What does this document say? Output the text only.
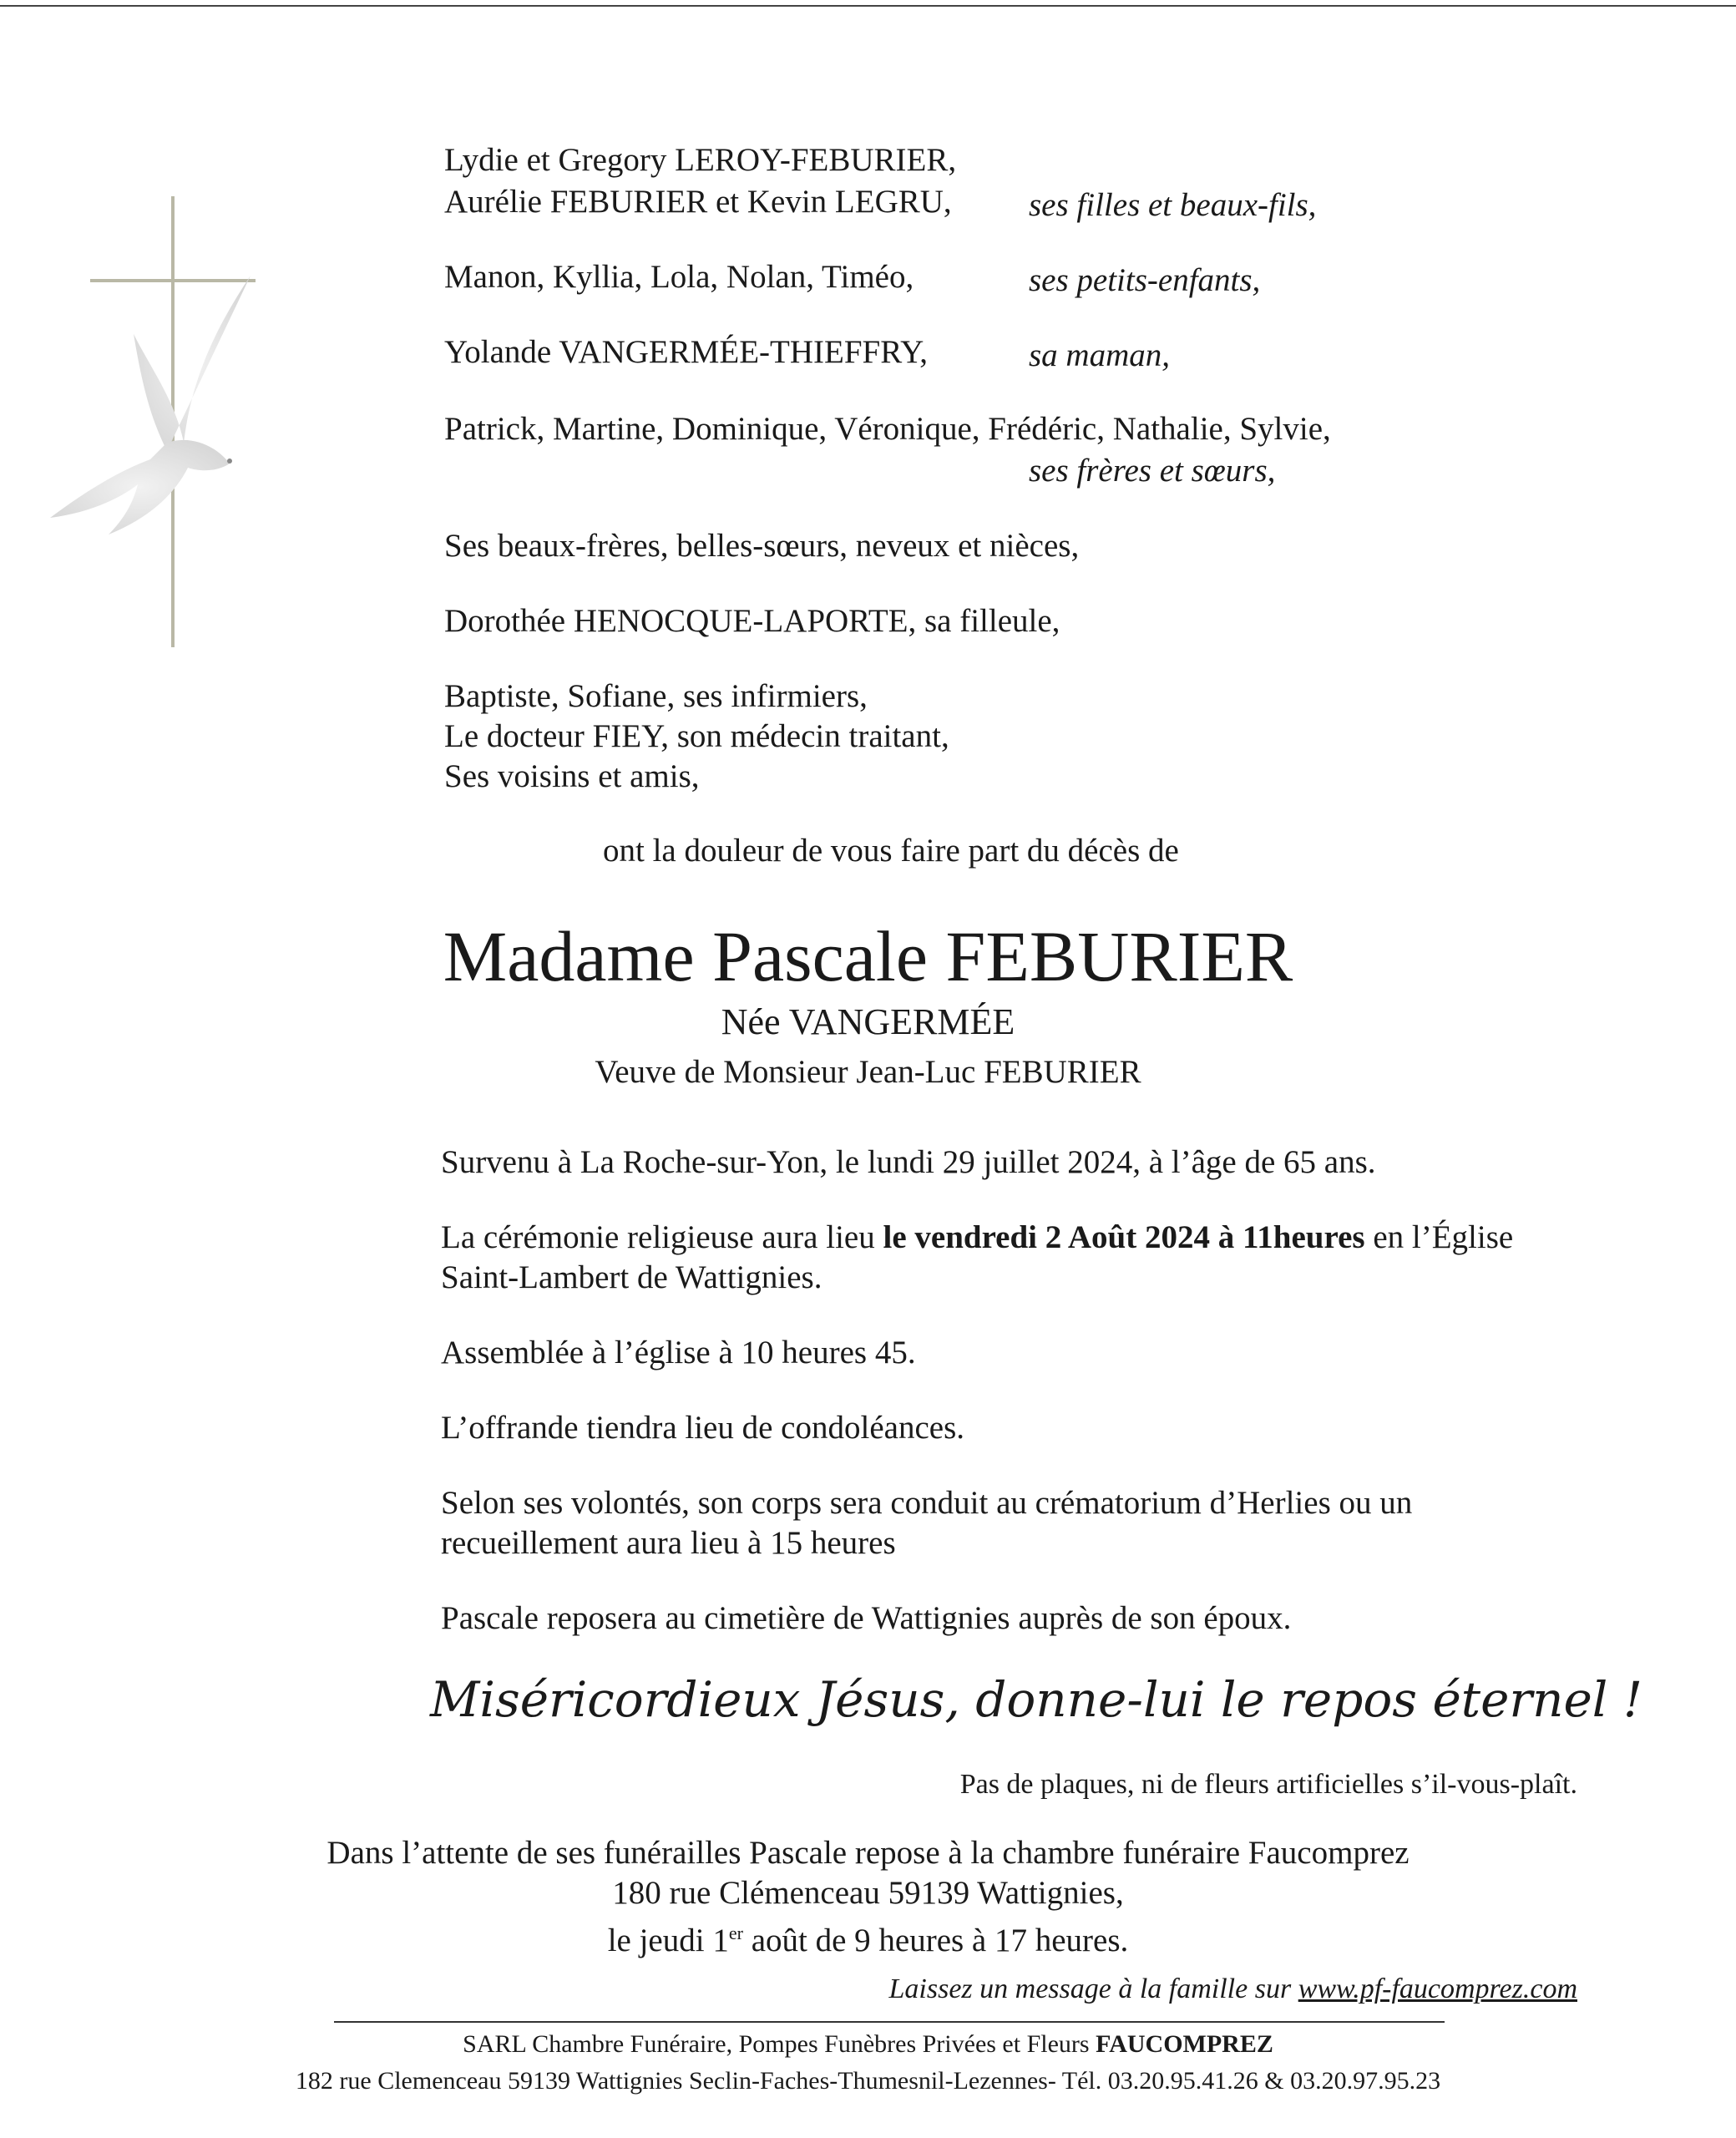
Lydie et Gregory LEROY-FEBURIER,
Aurélie FEBURIER et Kevin LEGRU, ses filles et beaux-fils,
Manon, Kyllia, Lola, Nolan, Timéo,	ses petits-enfants,
Yolande VANGERMÉE-THIEFFRY,	sa maman,
Patrick, Martine, Dominique, Véronique, Frédéric, Nathalie, Sylvie,
ses frères et sœurs,
Ses beaux-frères, belles-sœurs, neveux et nièces,
Dorothée HENOCQUE-LAPORTE, sa filleule,
Baptiste, Sofiane, ses infirmiers,
Le docteur FIEY, son médecin traitant,
Ses voisins et amis,
ont la douleur de vous faire part du décès de
Madame Pascale FEBURIER
Née VANGERMÉE
Veuve de Monsieur Jean-Luc FEBURIER
Survenu à La Roche-sur-Yon, le lundi 29 juillet 2024, à l’âge de 65 ans.
La cérémonie religieuse aura lieu le vendredi 2 Août 2024 à 11heures en l’Église
Saint-Lambert de Wattignies.
Assemblée à l’église à 10 heures 45.
L’offrande tiendra lieu de condoléances.
Selon ses volontés, son corps sera conduit au crématorium d’Herlies ou un
recueillement aura lieu à 15 heures
Pascale reposera au cimetière de Wattignies auprès de son époux.
Miséricordieux Jésus, donne-lui le repos éternel !
Pas de plaques, ni de fleurs artificielles s’il-vous-plaît.
Dans l’attente de ses funérailles Pascale repose à la chambre funéraire Faucomprez
180 rue Clémenceau 59139 Wattignies,
le jeudi 1er août de 9 heures à 17 heures.
Laissez un message à la famille sur www.pf-faucomprez.com
SARL Chambre Funéraire, Pompes Funèbres Privées et Fleurs FAUCOMPREZ
182 rue Clemenceau 59139 Wattignies Seclin-Faches-Thumesnil-Lezennes- Tél. 03.20.95.41.26 & 03.20.97.95.23
